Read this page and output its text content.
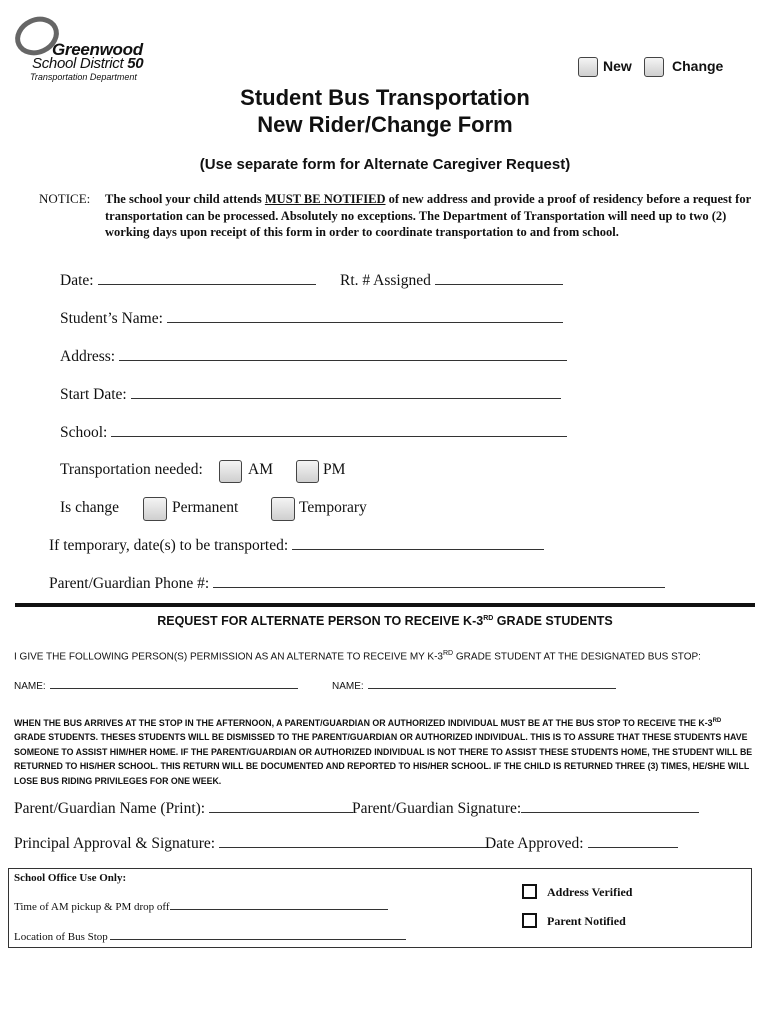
Greenwood
School District 50
Transportation Department
New	Change
Student Bus Transportation
New Rider/Change Form
(Use separate form for Alternate Caregiver Request)
NOTICE: The school your child attends MUST BE NOTIFIED of new address and provide a proof of residency before a request for transportation can be processed. Absolutely no exceptions. The Department of Transportation will need up to two (2) working days upon receipt of this form in order to coordinate transportation to and from school.
Date:	Rt. # Assigned
Student’s Name:
Address:
Start Date:
School:
Transportation needed:	AM	PM
Is change	Permanent	Temporary
If temporary, date(s) to be transported:
Parent/Guardian Phone #:
REQUEST FOR ALTERNATE PERSON TO RECEIVE K-3RD GRADE STUDENTS
I GIVE THE FOLLOWING PERSON(S) PERMISSION AS AN ALTERNATE TO RECEIVE MY K-3RD GRADE STUDENT AT THE DESIGNATED BUS STOP:
NAME:	NAME:
WHEN THE BUS ARRIVES AT THE STOP IN THE AFTERNOON, A PARENT/GUARDIAN OR AUTHORIZED INDIVIDUAL MUST BE AT THE BUS STOP TO RECEIVE THE K-3RD GRADE STUDENTS. THESES STUDENTS WILL BE DISMISSED TO THE PARENT/GUARDIAN OR AUTHORIZED INDIVIDUAL. THIS IS TO ASSURE THAT THESE STUDENTS HAVE SOMEONE TO ASSIST HIM/HER HOME. IF THE PARENT/GUARDIAN OR AUTHORIZED INDIVIDUAL IS NOT THERE TO ASSIST THESE STUDENTS HOME, THE STUDENT WILL BE RETURNED TO HIS/HER SCHOOL. THIS RETURN WILL BE DOCUMENTED AND REPORTED TO HIS/HER SCHOOL. IF THE CHILD IS RETURNED THREE (3) TIMES, HE/SHE WILL LOSE BUS RIDING PRIVILEGES FOR ONE WEEK.
Parent/Guardian Name (Print):	Parent/Guardian Signature:
Principal Approval & Signature:	Date Approved:
School Office Use Only:
Time of AM pickup & PM drop off
Location of Bus Stop
Address Verified
Parent Notified
